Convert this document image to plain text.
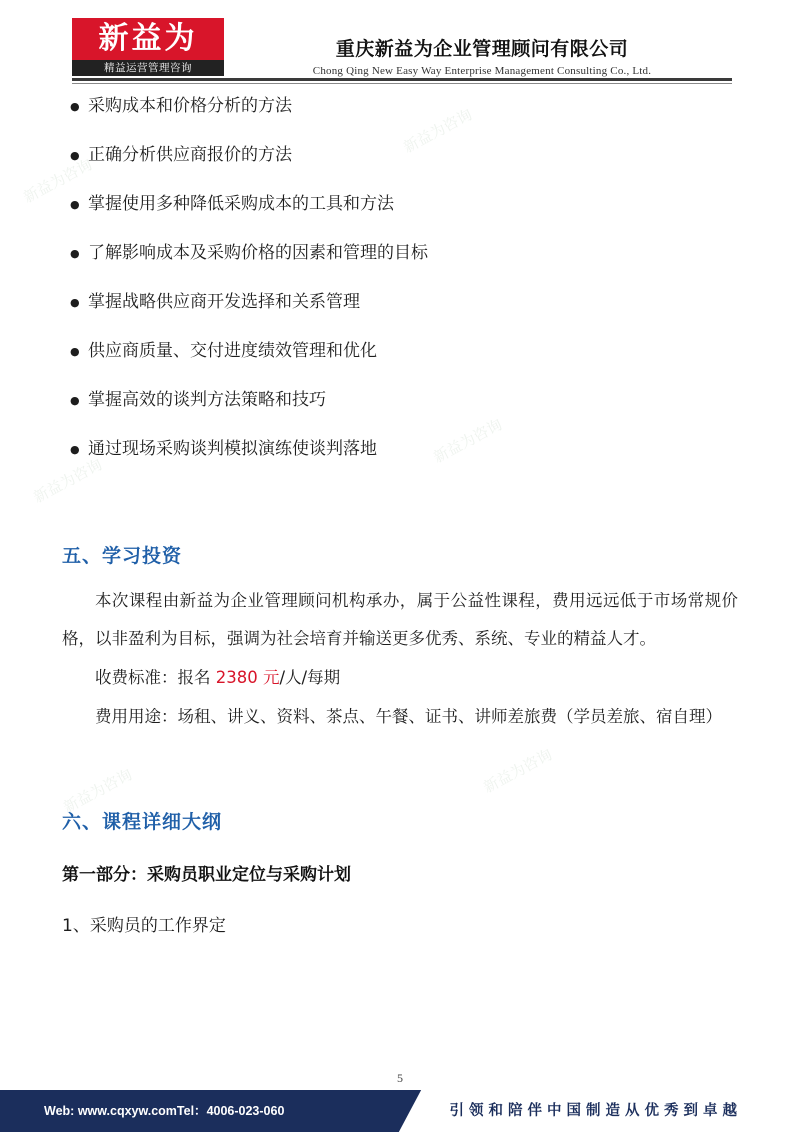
新益为咨询
新益为咨询
新益为咨询
新益为咨询
新益为咨询	新益为咨询
新益为
精益运营管理咨询
重庆新益为企业管理顾问有限公司
Chong Qing New Easy Way Enterprise Management Consulting Co., Ltd.
● 采购成本和价格分析的方法
● 正确分析供应商报价的方法
● 掌握使用多种降低采购成本的工具和方法
● 了解影响成本及采购价格的因素和管理的目标
● 掌握战略供应商开发选择和关系管理
● 供应商质量、交付进度绩效管理和优化
● 掌握高效的谈判方法策略和技巧
● 通过现场采购谈判模拟演练使谈判落地
五、学习投资

本次课程由新益为企业管理顾问机构承办，属于公益性课程，费用远远低于市场常规价格，以非盈利为目标，强调为社会培育并输送更多优秀、系统、专业的精益人才。

收费标准：报名 2380 元/人/每期

费用用途：场租、讲义、资料、茶点、午餐、证书、讲师差旅费（学员差旅、宿自理）

六、课程详细大纲

第一部分：采购员职业定位与采购计划

1、采购员的工作界定

5
Web: www.cqxyw.comTel：4006-023-060	引领和陪伴中国制造从优秀到卓越
